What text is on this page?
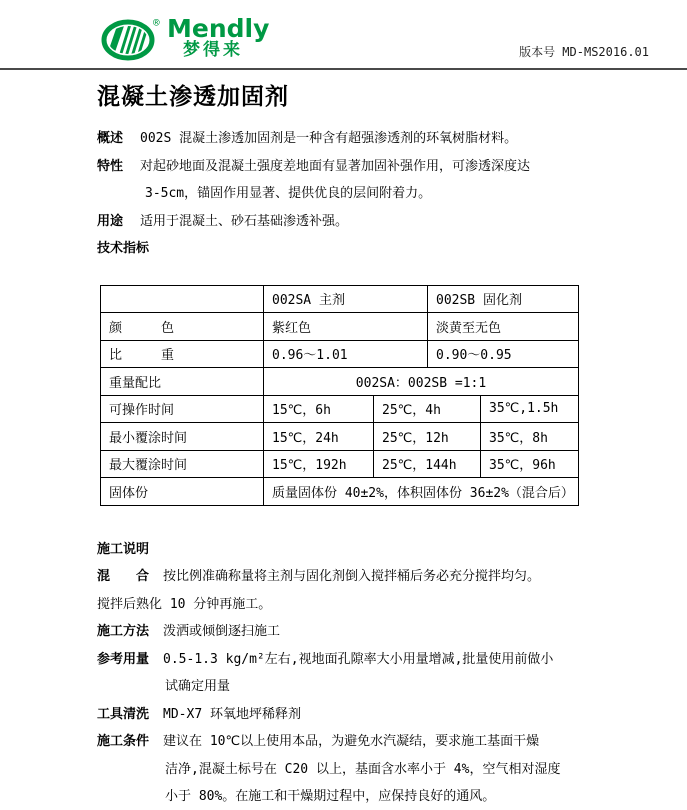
® Mendly
梦得来	版本号 MD-MS2016.01
混凝土渗透加固剂
概述 002S 混凝土渗透加固剂是一种含有超强渗透剂的环氧树脂材料。
特性 对起砂地面及混凝土强度差地面有显著加固补强作用，可渗透深度达
3-5cm，锚固作用显著、提供优良的层间附着力。
用途 适用于混凝土、砂石基础渗透补强。
技术指标
	002SA 主剂		002SB 固化剂	
颜　　　色	紫红色		淡黄至无色	
比　　　重	0.96～1.01		0.90～0.95	
重量配比	002SA：002SB =1:1			
可操作时间	15℃，6h	25℃，4h		35℃,1.5h
最小覆涂时间	15℃，24h	25℃，12h		35℃，8h
最大覆涂时间	15℃，192h	25℃，144h		35℃，96h
固体份	质量固体份 40±2%，体积固体份 36±2%（混合后）			
施工说明
混　　合 按比例准确称量将主剂与固化剂倒入搅拌桶后务必充分搅拌均匀。
搅拌后熟化 10 分钟再施工。
施工方法 泼洒或倾倒逐扫施工
参考用量 0.5-1.3 kg/m²左右,视地面孔隙率大小用量增减,批量使用前做小
试确定用量
工具清洗 MD-X7 环氧地坪稀释剂
施工条件 建议在 10℃以上使用本品，为避免水汽凝结，要求施工基面干燥
洁净,混凝土标号在 C20 以上，基面含水率小于 4%，空气相对湿度
小于 80%。在施工和干燥期过程中，应保持良好的通风。
